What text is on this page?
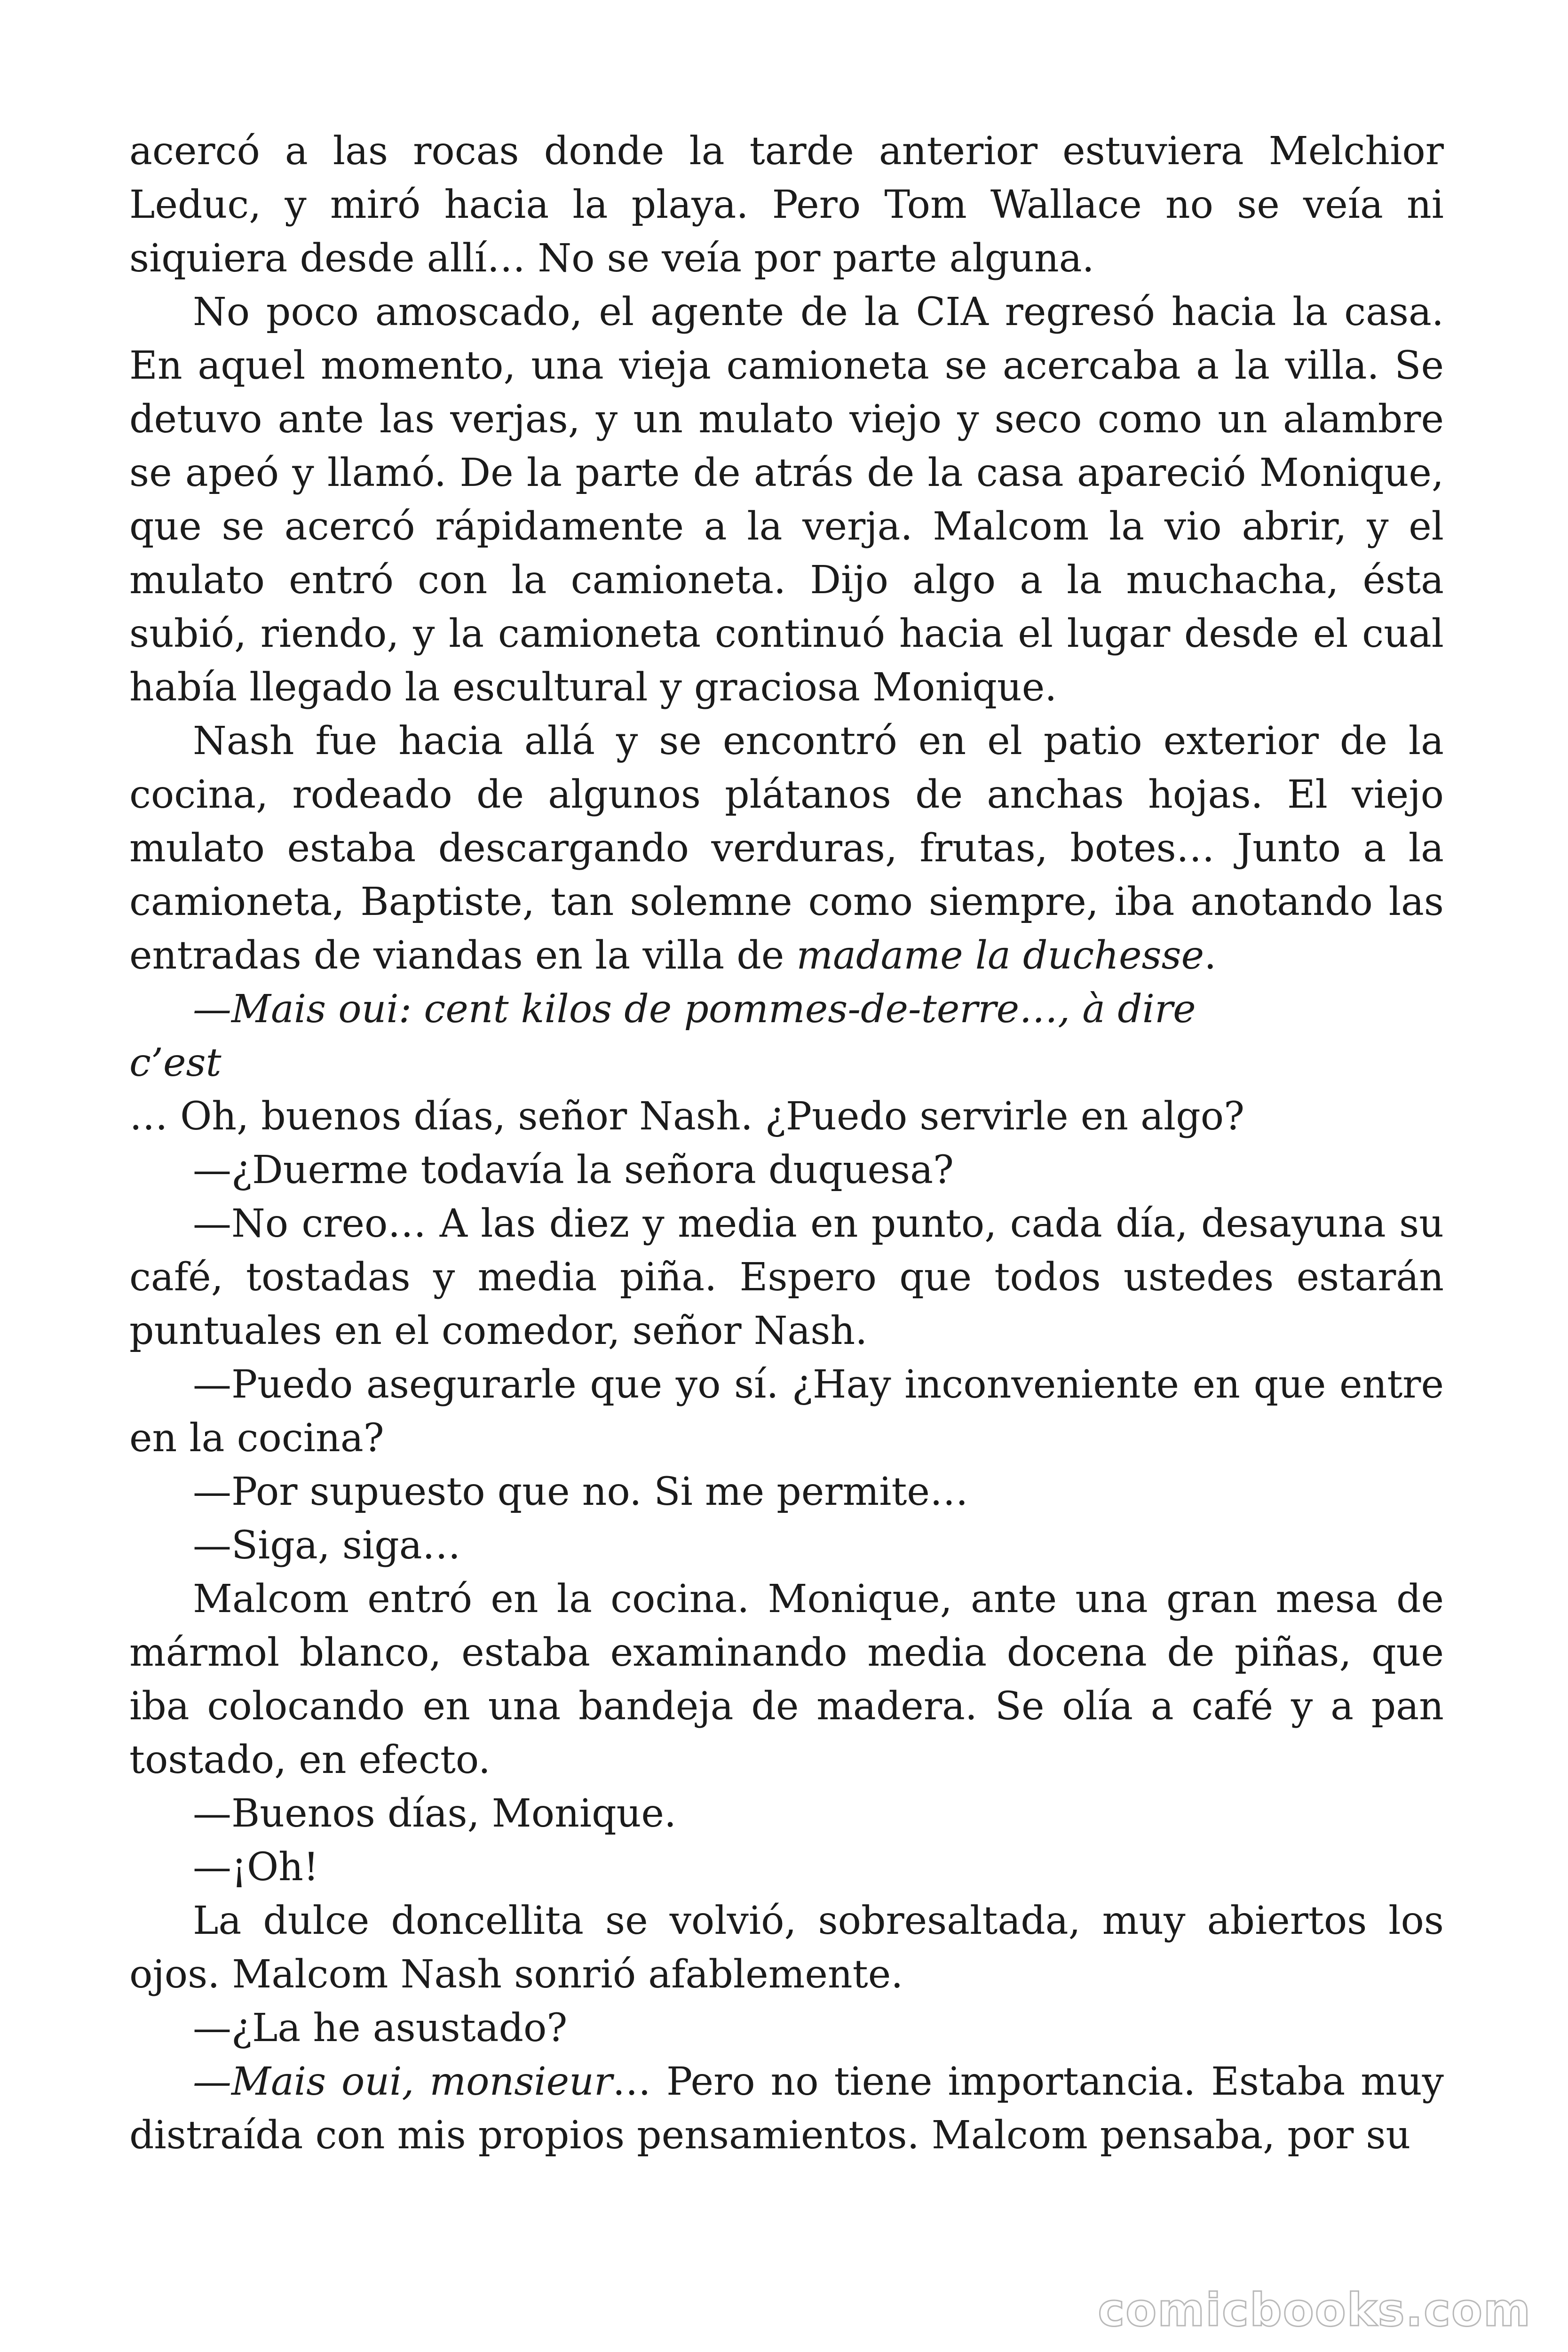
acercó a las rocas donde la tarde anterior estuviera Melchior Leduc, y miró hacia la playa. Pero Tom Wallace no se veía ni siquiera desde allí… No se veía por parte alguna.

No poco amoscado, el agente de la CIA regresó hacia la casa. En aquel momento, una vieja camioneta se acercaba a la villa. Se detuvo ante las verjas, y un mulato viejo y seco como un alambre se apeó y llamó. De la parte de atrás de la casa apareció Monique, que se acercó rápidamente a la verja. Malcom la vio abrir, y el mulato entró con la camioneta. Dijo algo a la muchacha, ésta subió, riendo, y la camioneta continuó hacia el lugar desde el cual había llegado la escultural y graciosa Monique.

Nash fue hacia allá y se encontró en el patio exterior de la cocina, rodeado de algunos plátanos de anchas hojas. El viejo mulato estaba descargando verduras, frutas, botes… Junto a la camioneta, Baptiste, tan solemne como siempre, iba anotando las entradas de viandas en la villa de madame la duchesse.

—Mais oui: cent kilos de pommes-de-terre…, à dire

c’est

… Oh, buenos días, señor Nash. ¿Puedo servirle en algo?

—¿Duerme todavía la señora duquesa?

—No creo… A las diez y media en punto, cada día, desayuna su café, tostadas y media piña. Espero que todos ustedes estarán puntuales en el comedor, señor Nash.

—Puedo asegurarle que yo sí. ¿Hay inconveniente en que entre en la cocina?

—Por supuesto que no. Si me permite…

—Siga, siga…

Malcom entró en la cocina. Monique, ante una gran mesa de mármol blanco, estaba examinando media docena de piñas, que iba colocando en una bandeja de madera. Se olía a café y a pan tostado, en efecto.

—Buenos días, Monique.

—¡Oh!

La dulce doncellita se volvió, sobresaltada, muy abiertos los ojos. Malcom Nash sonrió afablemente.

—¿La he asustado?

—Mais oui, monsieur… Pero no tiene importancia. Estaba muy distraída con mis propios pensamientos. Malcom pensaba, por su

comicbooks.com
